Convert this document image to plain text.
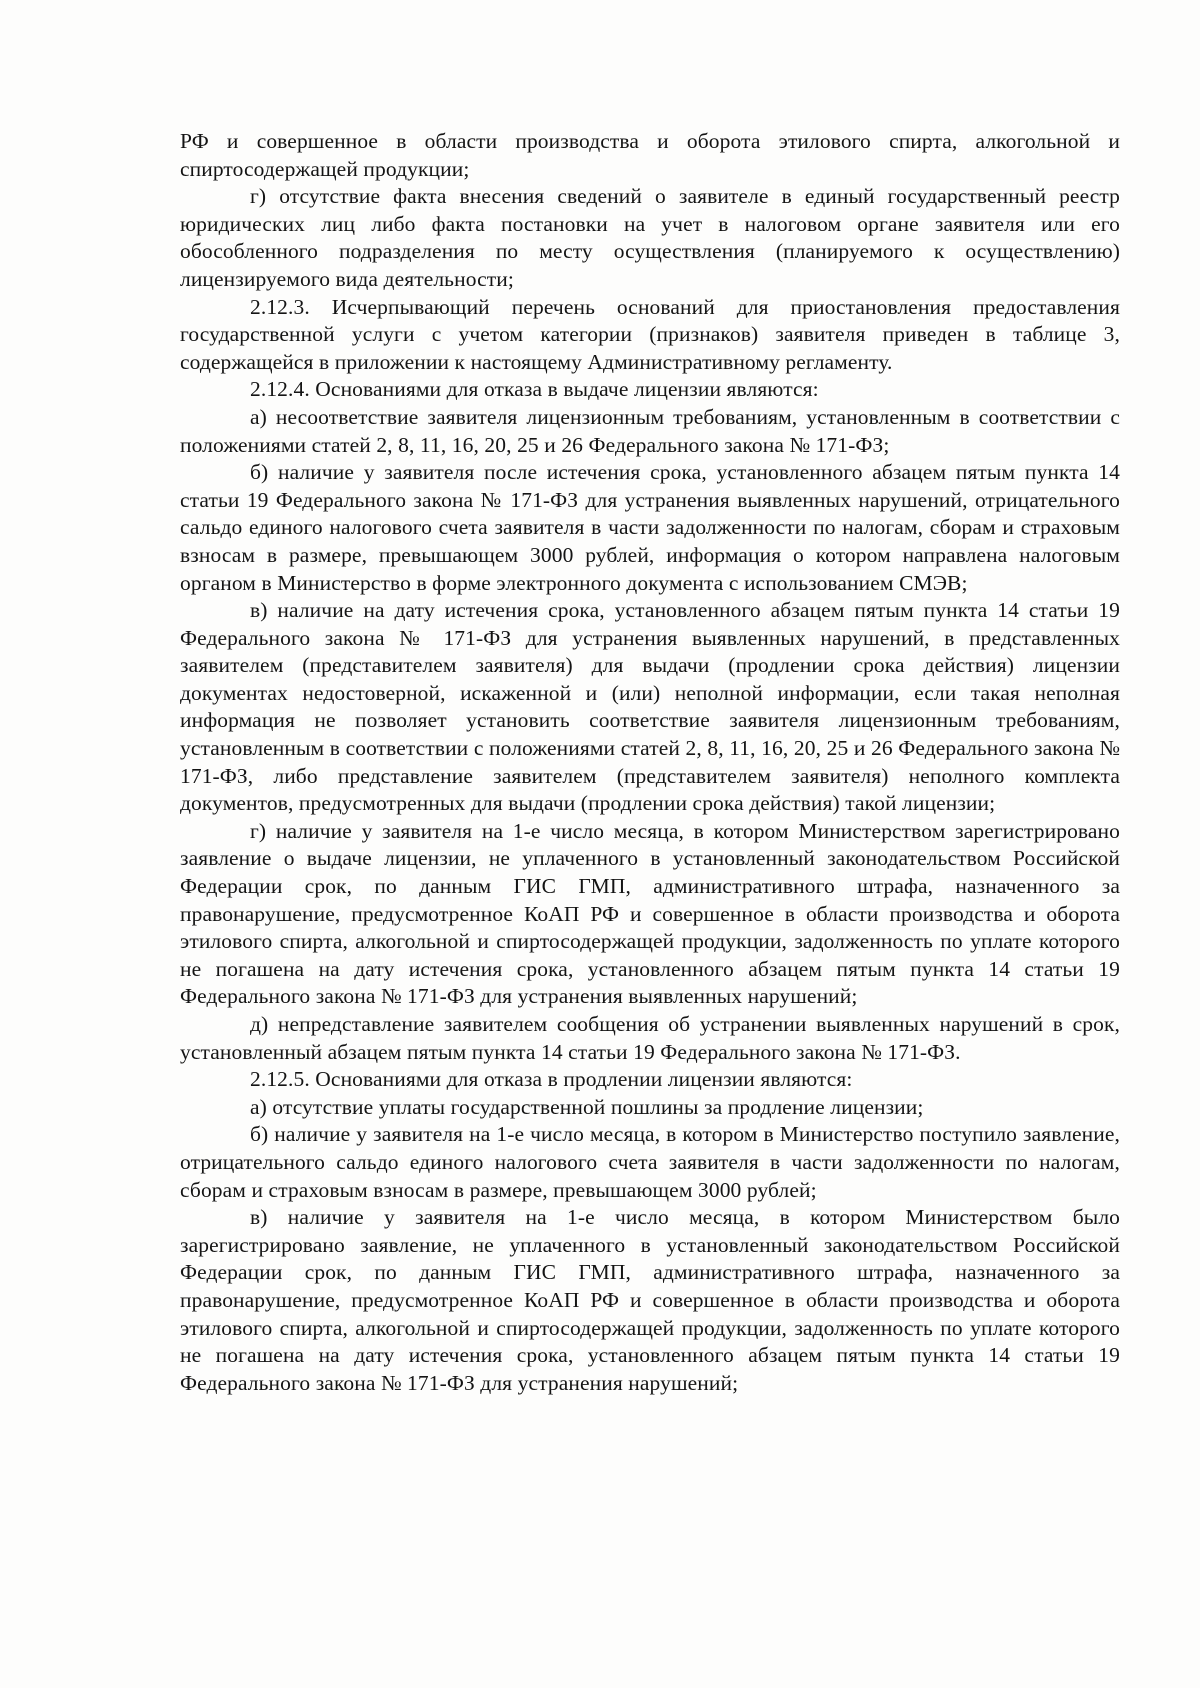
РФ и совершенное в области производства и оборота этилового спирта, алкогольной и спиртосодержащей продукции;

г) отсутствие факта внесения сведений о заявителе в единый государственный реестр юридических лиц либо факта постановки на учет в налоговом органе заявителя или его обособленного подразделения по месту осуществления (планируемого к осуществлению) лицензируемого вида деятельности;

2.12.3. Исчерпывающий перечень оснований для приостановления предоставления государственной услуги с учетом категории (признаков) заявителя приведен в таблице 3, содержащейся в приложении к настоящему Административному регламенту.

2.12.4. Основаниями для отказа в выдаче лицензии являются:

а) несоответствие заявителя лицензионным требованиям, установленным в соответствии с положениями статей 2, 8, 11, 16, 20, 25 и 26 Федерального закона № 171-ФЗ;

б) наличие у заявителя после истечения срока, установленного абзацем пятым пункта 14 статьи 19 Федерального закона № 171-ФЗ для устранения выявленных нарушений, отрицательного сальдо единого налогового счета заявителя в части задолженности по налогам, сборам и страховым взносам в размере, превышающем 3000 рублей, информация о котором направлена налоговым органом в Министерство в форме электронного документа с использованием СМЭВ;

в) наличие на дату истечения срока, установленного абзацем пятым пункта 14 статьи 19 Федерального закона № 171-ФЗ для устранения выявленных нарушений, в представленных заявителем (представителем заявителя) для выдачи (продлении срока действия) лицензии документах недостоверной, искаженной и (или) неполной информации, если такая неполная информация не позволяет установить соответствие заявителя лицензионным требованиям, установленным в соответствии с положениями статей 2, 8, 11, 16, 20, 25 и 26 Федерального закона № 171-ФЗ, либо представление заявителем (представителем заявителя) неполного комплекта документов, предусмотренных для выдачи (продлении срока действия) такой лицензии;

г) наличие у заявителя на 1-е число месяца, в котором Министерством зарегистрировано заявление о выдаче лицензии, не уплаченного в установленный законодательством Российской Федерации срок, по данным ГИС ГМП, административного штрафа, назначенного за правонарушение, предусмотренное КоАП РФ и совершенное в области производства и оборота этилового спирта, алкогольной и спиртосодержащей продукции, задолженность по уплате которого не погашена на дату истечения срока, установленного абзацем пятым пункта 14 статьи 19 Федерального закона № 171-ФЗ для устранения выявленных нарушений;

д) непредставление заявителем сообщения об устранении выявленных нарушений в срок, установленный абзацем пятым пункта 14 статьи 19 Федерального закона № 171-ФЗ.

2.12.5. Основаниями для отказа в продлении лицензии являются:

а) отсутствие уплаты государственной пошлины за продление лицензии;

б) наличие у заявителя на 1-е число месяца, в котором в Министерство поступило заявление, отрицательного сальдо единого налогового счета заявителя в части задолженности по налогам, сборам и страховым взносам в размере, превышающем 3000 рублей;

в) наличие у заявителя на 1-е число месяца, в котором Министерством было зарегистрировано заявление, не уплаченного в установленный законодательством Российской Федерации срок, по данным ГИС ГМП, административного штрафа, назначенного за правонарушение, предусмотренное КоАП РФ и совершенное в области производства и оборота этилового спирта, алкогольной и спиртосодержащей продукции, задолженность по уплате которого не погашена на дату истечения срока, установленного абзацем пятым пункта 14 статьи 19 Федерального закона № 171-ФЗ для устранения нарушений;
